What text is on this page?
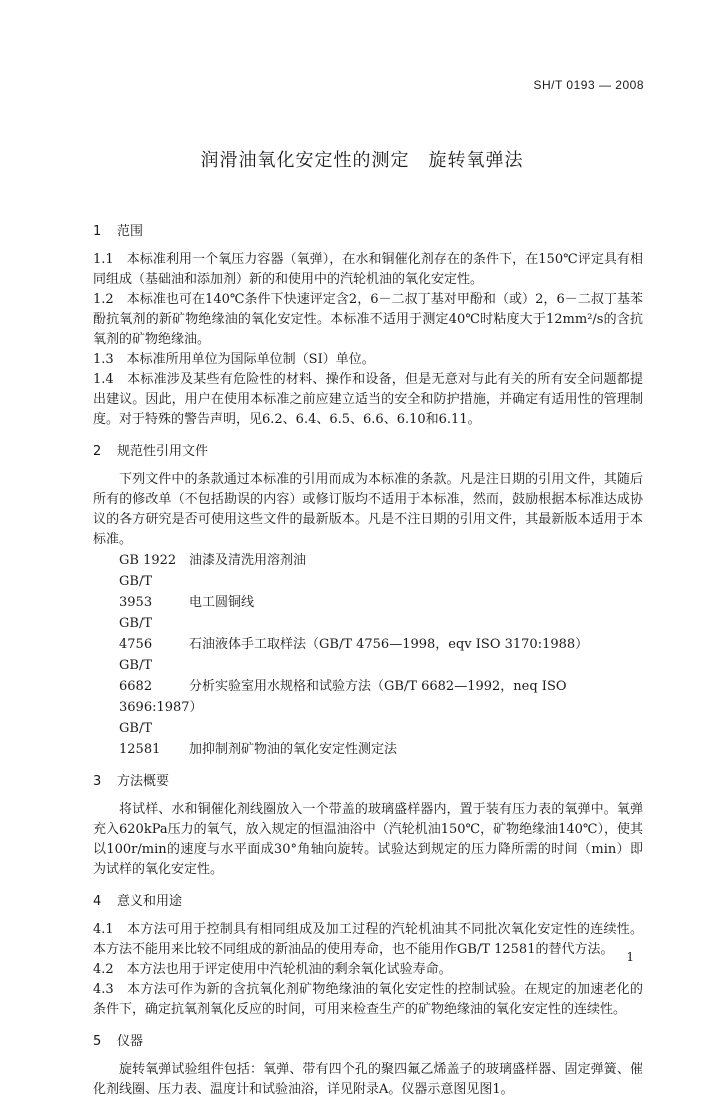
SH/T 0193 — 2008
润滑油氧化安定性的测定　旋转氧弹法
1 范围

1.1　本标准利用一个氧压力容器（氧弹），在水和铜催化剂存在的条件下，在150℃评定具有相同组成（基础油和添加剂）新的和使用中的汽轮机油的氧化安定性。

1.2　本标准也可在140℃条件下快速评定含2，6－二叔丁基对甲酚和（或）2，6－二叔丁基苯酚抗氧剂的新矿物绝缘油的氧化安定性。本标准不适用于测定40℃时粘度大于12mm²/s的含抗氧剂的矿物绝缘油。

1.3　本标准所用单位为国际单位制（SI）单位。

1.4　本标准涉及某些有危险性的材料、操作和设备，但是无意对与此有关的所有安全问题都提出建议。因此，用户在使用本标准之前应建立适当的安全和防护措施，并确定有适用性的管理制度。对于特殊的警告声明，见6.2、6.4、6.5、6.6、6.10和6.11。

2 规范性引用文件

下列文件中的条款通过本标准的引用而成为本标准的条款。凡是注日期的引用文件，其随后所有的修改单（不包括勘误的内容）或修订版均不适用于本标准，然而，鼓励根据本标准达成协议的各方研究是否可使用这些文件的最新版本。凡是不注日期的引用文件，其最新版本适用于本标准。

GB 1922 油漆及清洗用溶剂油
GB/T 3953	电工圆铜线
GB/T 4756	石油液体手工取样法（GB/T 4756—1998，eqv ISO 3170:1988）
GB/T 6682	分析实验室用水规格和试验方法（GB/T 6682—1992，neq ISO 3696:1987）
GB/T 12581 加抑制剂矿物油的氧化安定性测定法
3 方法概要

将试样、水和铜催化剂线圈放入一个带盖的玻璃盛样器内，置于装有压力表的氧弹中。氧弹充入620kPa压力的氧气，放入规定的恒温油浴中（汽轮机油150℃，矿物绝缘油140℃），使其以100r/min的速度与水平面成30°角轴向旋转。试验达到规定的压力降所需的时间（min）即为试样的氧化安定性。

4 意义和用途

4.1　本方法可用于控制具有相同组成及加工过程的汽轮机油其不同批次氧化安定性的连续性。本方法不能用来比较不同组成的新油品的使用寿命，也不能用作GB/T 12581的替代方法。

4.2　本方法也用于评定使用中汽轮机油的剩余氧化试验寿命。

4.3　本方法可作为新的含抗氧化剂矿物绝缘油的氧化安定性的控制试验。在规定的加速老化的条件下，确定抗氧剂氧化反应的时间，可用来检查生产的矿物绝缘油的氧化安定性的连续性。

5 仪器

旋转氧弹试验组件包括：氧弹、带有四个孔的聚四氟乙烯盖子的玻璃盛样器、固定弹簧、催化剂线圈、压力表、温度计和试验油浴，详见附录A。仪器示意图见图1。

1
